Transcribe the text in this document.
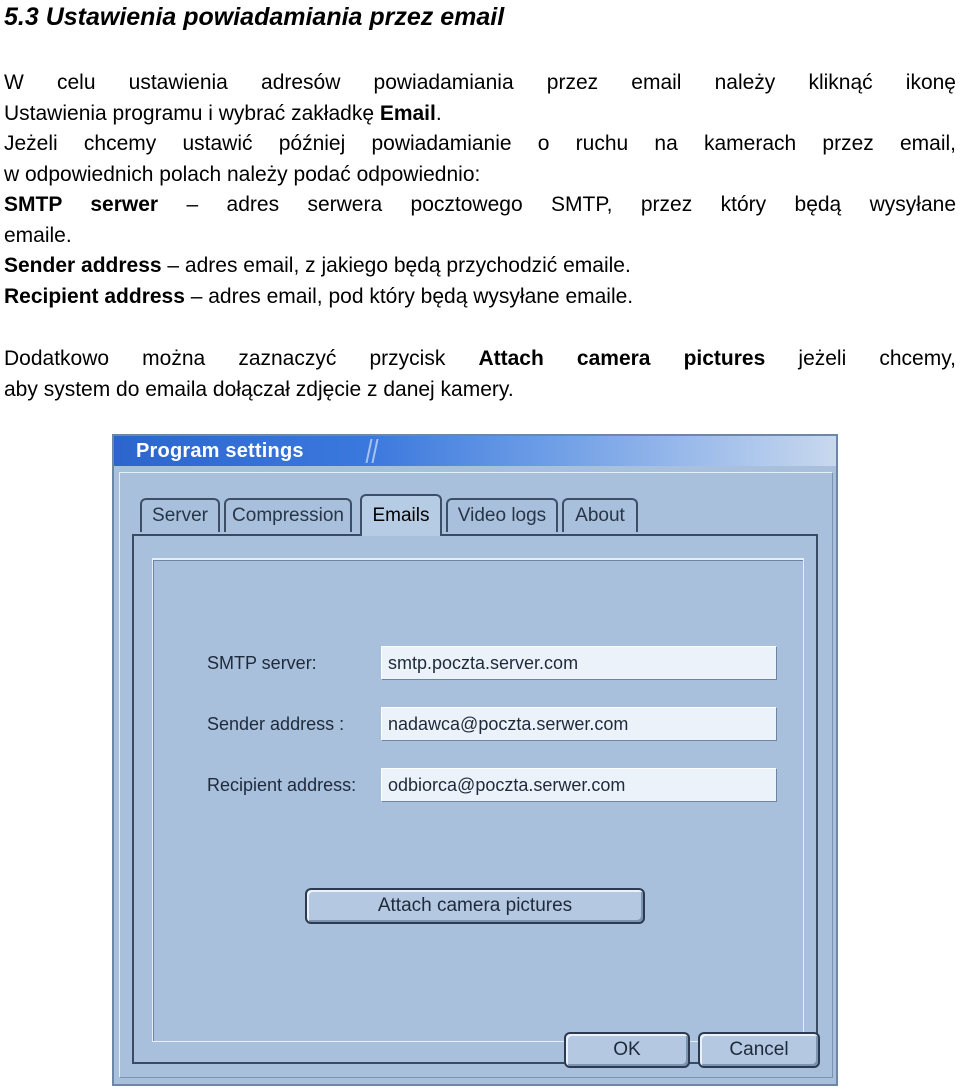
5.3 Ustawienia powiadamiania przez email
W celu ustawienia adresów powiadamiania przez email należy kliknąć ikonę
Ustawienia programu i wybrać zakładkę Email.
Jeżeli chcemy ustawić później powiadamianie o ruchu na kamerach przez email,
w odpowiednich polach należy podać odpowiednio:
SMTP serwer – adres serwera pocztowego SMTP, przez który będą wysyłane
emaile.
Sender address – adres email, z jakiego będą przychodzić emaile.
Recipient address – adres email, pod który będą wysyłane emaile.
Dodatkowo można zaznaczyć przycisk Attach camera pictures jeżeli chcemy,
aby system do emaila dołączał zdjęcie z danej kamery.
Program settings
Server Compression Emails Video logs About
SMTP server:	smtp.poczta.server.com
Sender address :	nadawca@poczta.serwer.com
Recipient address:	odbiorca@poczta.serwer.com
Attach camera pictures
OK	Cancel
